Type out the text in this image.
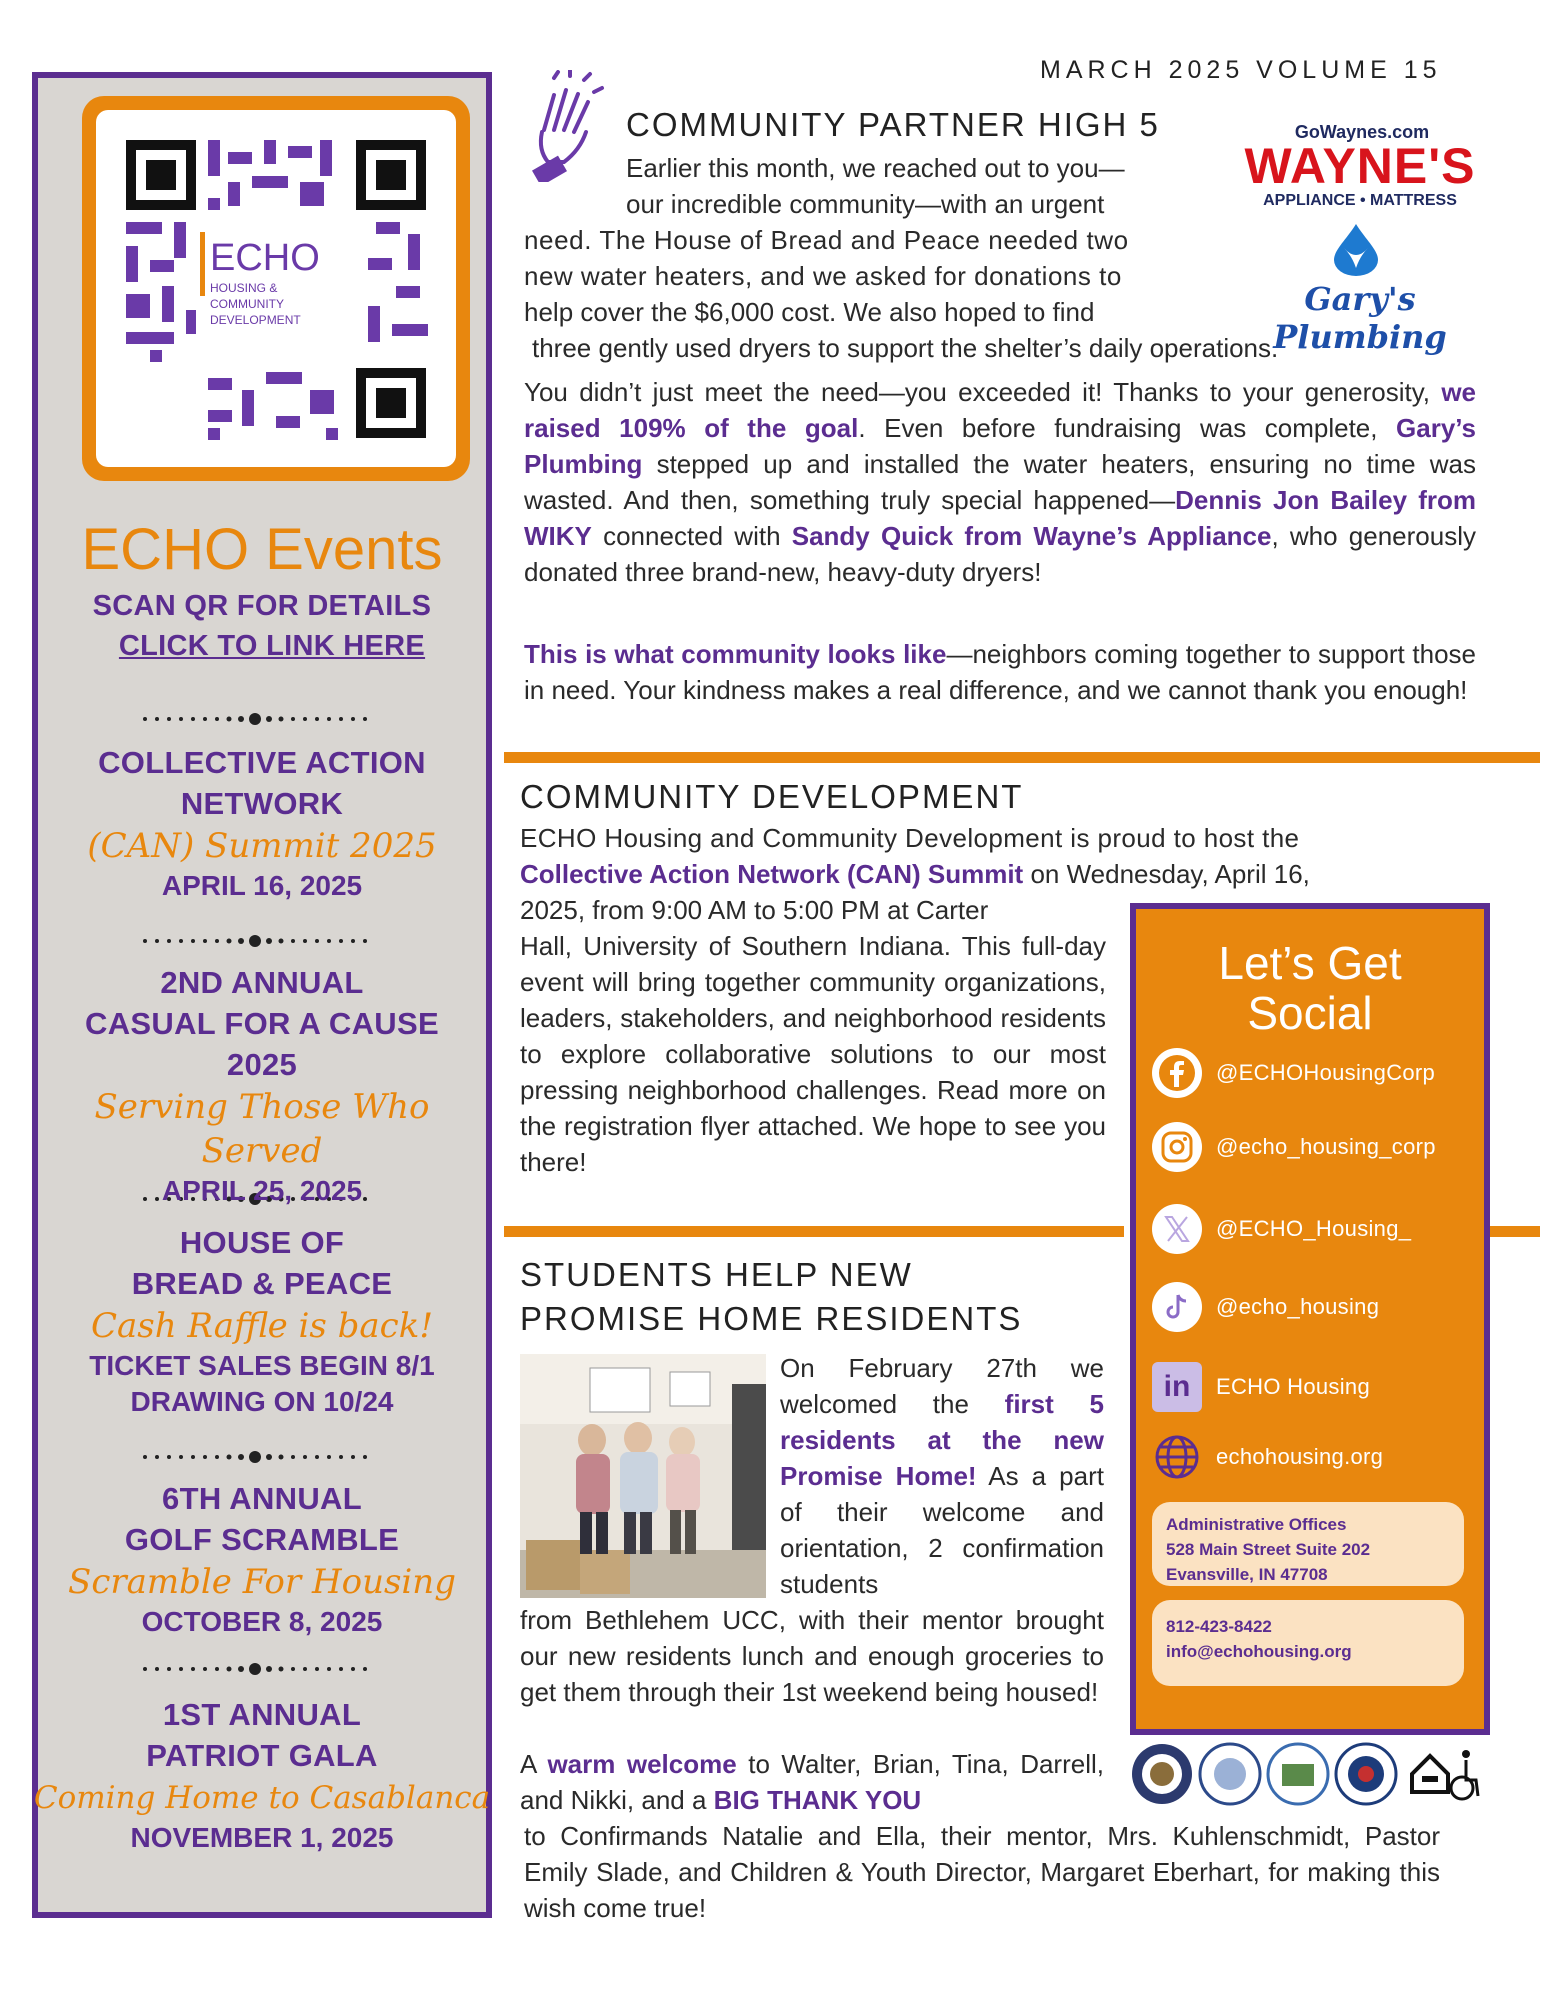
ECHO
HOUSING &
COMMUNITY
DEVELOPMENT
ECHO Events
SCAN QR FOR DETAILS
CLICK TO LINK HERE
COLLECTIVE ACTION
NETWORK
(CAN) Summit 2025
APRIL 16, 2025
2ND ANNUAL
CASUAL FOR A CAUSE
2025
Serving Those Who Served
APRIL 25, 2025
HOUSE OF
BREAD & PEACE
Cash Raffle is back!
TICKET SALES BEGIN 8/1
DRAWING ON 10/24
6TH ANNUAL
GOLF SCRAMBLE
Scramble For Housing
OCTOBER 8, 2025
1ST ANNUAL
PATRIOT GALA
Coming Home to Casablanca
NOVEMBER 1, 2025
MARCH 2025 VOLUME 15
COMMUNITY PARTNER HIGH 5	GoWaynes.com
WAYNE'S
APPLIANCE • MATTRESS
Gary's Plumbing
Earlier this month, we reached out to you—
our incredible community—with an urgent
need. The House of Bread and Peace needed two
new water heaters, and we asked for donations to
help cover the $6,000 cost. We also hoped to find
three gently used dryers to support the shelter’s daily operations.
You didn’t just meet the need—you exceeded it! Thanks to your generosity, we raised 109% of the goal. Even before fundraising was complete, Gary’s Plumbing stepped up and installed the water heaters, ensuring no time was wasted. And then, something truly special happened—Dennis Jon Bailey from WIKY connected with Sandy Quick from Wayne’s Appliance, who generously donated three brand-new, heavy-duty dryers!
This is what community looks like—neighbors coming together to support those in need. Your kindness makes a real difference, and we cannot thank you enough!
COMMUNITY DEVELOPMENT
ECHO Housing and Community Development is proud to host the
Collective Action Network (CAN) Summit on Wednesday, April 16,
2025, from 9:00 AM to 5:00 PM at Carter
Hall, University of Southern Indiana. This full-day event will bring together community organizations, leaders, stakeholders, and neighborhood residents to explore collaborative solutions to our most pressing neighborhood challenges. Read more on the registration flyer attached. We hope to see you there!
STUDENTS HELP NEW
PROMISE HOME RESIDENTS
On February 27th we welcomed the first 5 residents at the new Promise Home! As a part of their welcome and orientation, 2 confirmation students
from Bethlehem UCC, with their mentor brought our new residents lunch and enough groceries to get them through their 1st weekend being housed!
A warm welcome to Walter, Brian, Tina, Darrell, and Nikki, and a BIG THANK YOU
to Confirmands Natalie and Ella, their mentor, Mrs. Kuhlenschmidt, Pastor Emily Slade, and Children & Youth Director, Margaret Eberhart, for making this wish come true!
Let’s Get
Social
@ECHOHousingCorp
@echo_housing_corp
@ECHO_Housing_
@echo_housing
in ECHO Housing
echohousing.org
Administrative Offices
528 Main Street Suite 202
Evansville, IN 47708
812-423-8422
info@echohousing.org
